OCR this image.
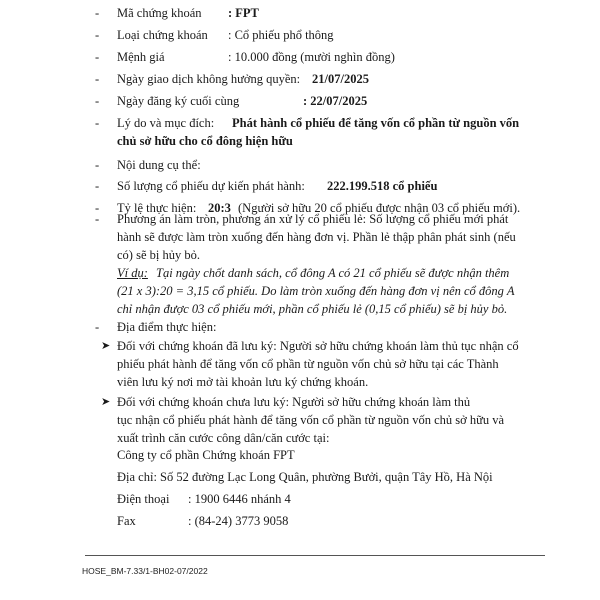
-	Mã chứng khoán : FPT
-	Loại chứng khoán : Cổ phiếu phổ thông
-	Mệnh giá	: 10.000 đồng (mười nghìn đồng)
-	Ngày giao dịch không hưởng quyền: 21/07/2025
-	Ngày đăng ký cuối cùng	: 22/07/2025
-	Lý do và mục đích: Phát hành cổ phiếu để tăng vốn cổ phần từ nguồn vốn
chủ sở hữu cho cổ đông hiện hữu
-	Nội dung cụ thể:
-	Số lượng cổ phiếu dự kiến phát hành: 222.199.518 cổ phiếu
-	Tỷ lệ thực hiện: 20:3 (Người sở hữu 20 cổ phiếu được nhận 03 cổ phiếu mới).
-	Phương án làm tròn, phương án xử lý cổ phiếu lẻ: Số lượng cổ phiếu mới phát
hành sẽ được làm tròn xuống đến hàng đơn vị. Phần lẻ thập phân phát sinh (nếu
có) sẽ bị hủy bỏ.
Ví dụ: Tại ngày chốt danh sách, cổ đông A có 21 cổ phiếu sẽ được nhận thêm
(21 x 3):20 = 3,15 cổ phiếu. Do làm tròn xuống đến hàng đơn vị nên cổ đông A
chỉ nhận được 03 cổ phiếu mới, phần cổ phiếu lẻ (0,15 cổ phiếu) sẽ bị hủy bỏ.
-	Địa điểm thực hiện:
➤ Đối với chứng khoán đã lưu ký: Người sở hữu chứng khoán làm thủ tục nhận cổ
phiếu phát hành để tăng vốn cổ phần từ nguồn vốn chủ sở hữu tại các Thành
viên lưu ký nơi mở tài khoản lưu ký chứng khoán.
➤ Đối với chứng khoán chưa lưu ký: Người sở hữu chứng khoán làm thủ
tục nhận cổ phiếu phát hành để tăng vốn cổ phần từ nguồn vốn chủ sở hữu và
xuất trình căn cước công dân/căn cước tại:
Công ty cổ phần Chứng khoán FPT
Địa chỉ: Số 52 đường Lạc Long Quân, phường Bưởi, quận Tây Hồ, Hà Nội
Điện thoại : 1900 6446 nhánh 4
Fax	: (84-24) 3773 9058
HOSE_BM-7.33/1-BH02-07/2022
